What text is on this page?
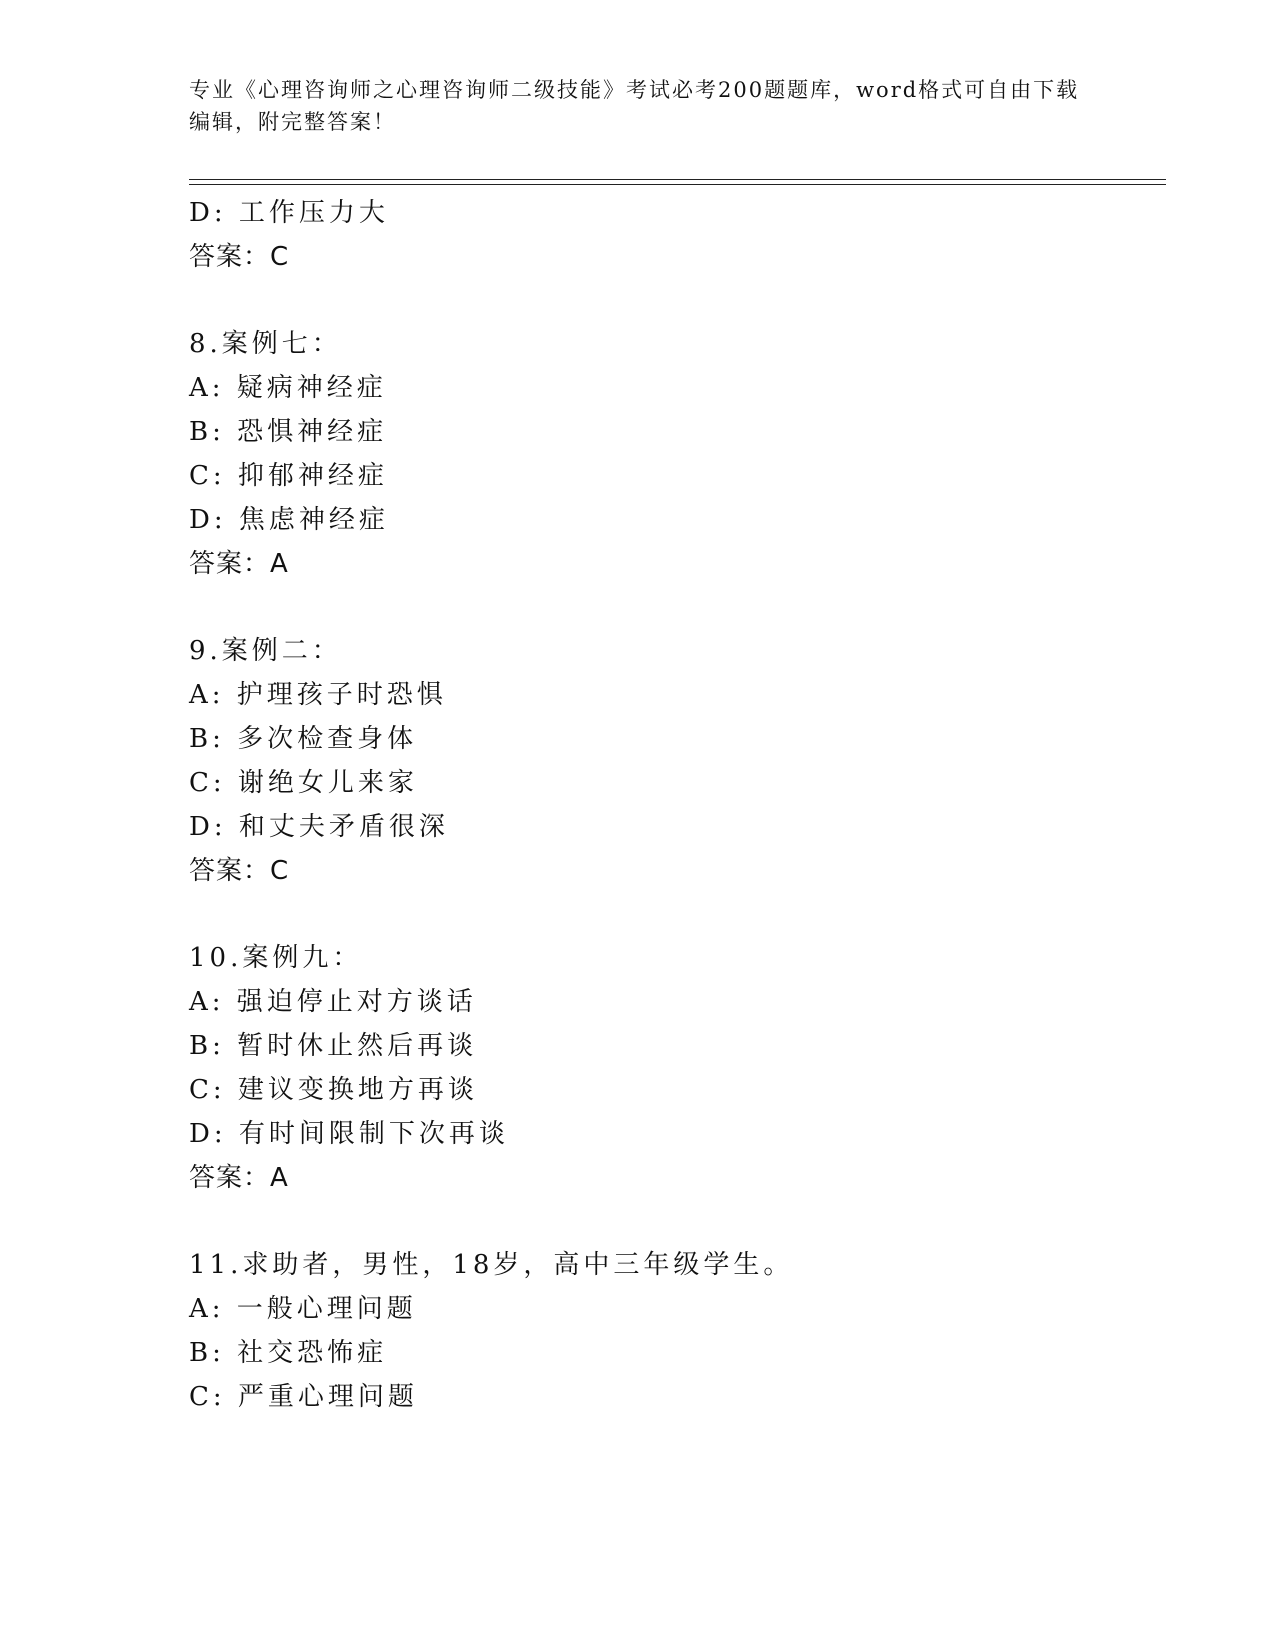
专业《心理咨询师之心理咨询师二级技能》考试必考200题题库，word格式可自由下载编辑，附完整答案！
D: 工作压力大
答案：C
8.案例七：
A: 疑病神经症
B: 恐惧神经症
C: 抑郁神经症
D: 焦虑神经症
答案：A
9.案例二：
A: 护理孩子时恐惧
B: 多次检查身体
C: 谢绝女儿来家
D: 和丈夫矛盾很深
答案：C
10.案例九：
A: 强迫停止对方谈话
B: 暂时休止然后再谈
C: 建议变换地方再谈
D: 有时间限制下次再谈
答案：A
11.求助者，男性，18岁，高中三年级学生。
A: 一般心理问题
B: 社交恐怖症
C: 严重心理问题
